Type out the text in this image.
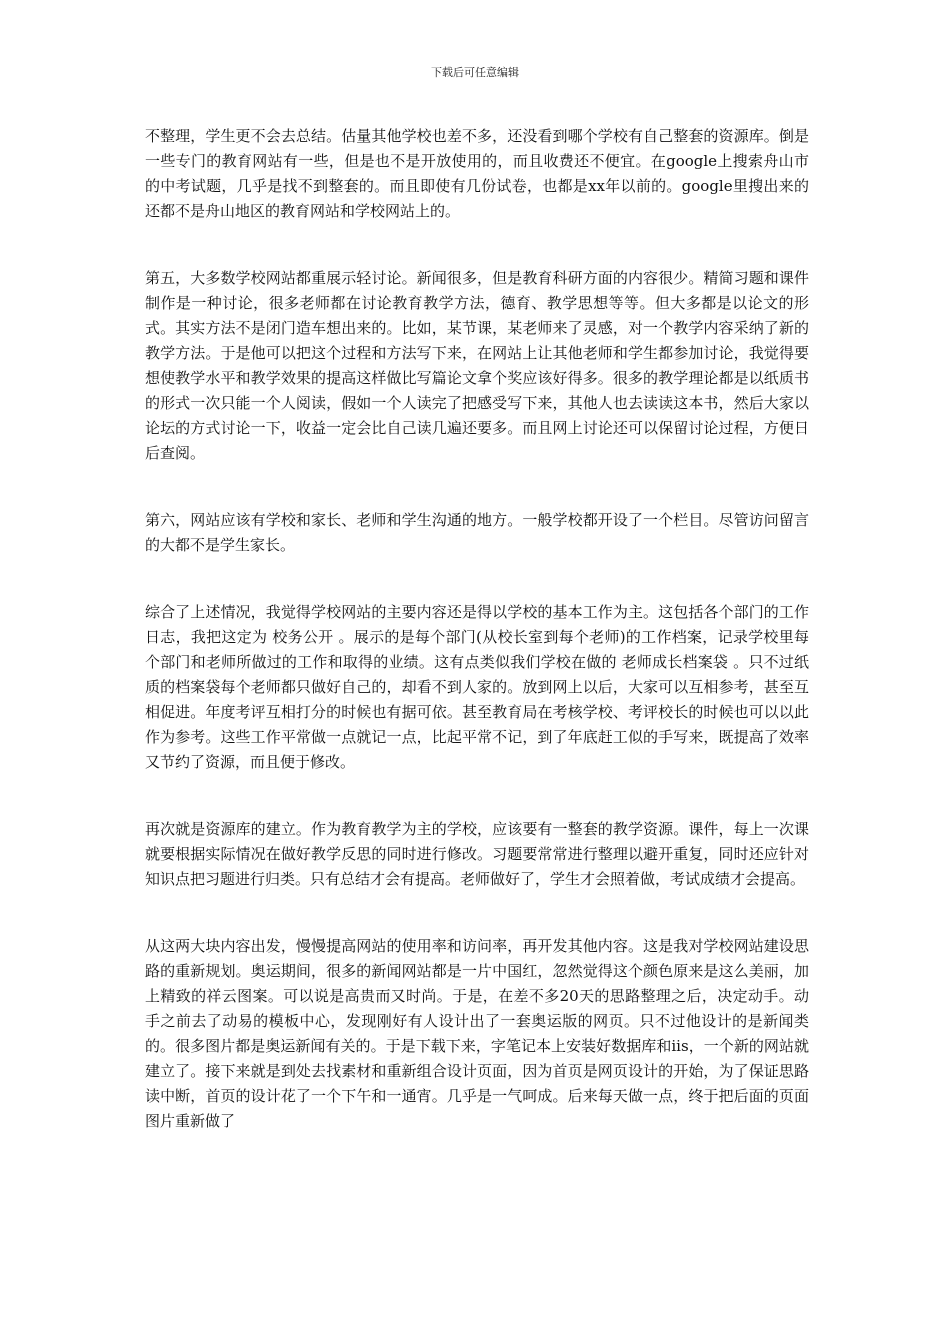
下载后可任意编辑

不整理，学生更不会去总结。估量其他学校也差不多，还没看到哪个学校有自己整套的资源库。倒是一些专门的教育网站有一些，但是也不是开放使用的，而且收费还不便宜。在google上搜索舟山市的中考试题，几乎是找不到整套的。而且即使有几份试卷，也都是xx年以前的。google里搜出来的还都不是舟山地区的教育网站和学校网站上的。

第五，大多数学校网站都重展示轻讨论。新闻很多，但是教育科研方面的内容很少。精简习题和课件制作是一种讨论，很多老师都在讨论教育教学方法，德育、教学思想等等。但大多都是以论文的形式。其实方法不是闭门造车想出来的。比如，某节课，某老师来了灵感，对一个教学内容采纳了新的教学方法。于是他可以把这个过程和方法写下来，在网站上让其他老师和学生都参加讨论，我觉得要想使教学水平和教学效果的提高这样做比写篇论文拿个奖应该好得多。很多的教学理论都是以纸质书的形式一次只能一个人阅读，假如一个人读完了把感受写下来，其他人也去读读这本书，然后大家以论坛的方式讨论一下，收益一定会比自己读几遍还要多。而且网上讨论还可以保留讨论过程，方便日后查阅。

第六，网站应该有学校和家长、老师和学生沟通的地方。一般学校都开设了一个栏目。尽管访问留言的大都不是学生家长。

综合了上述情况，我觉得学校网站的主要内容还是得以学校的基本工作为主。这包括各个部门的工作日志，我把这定为 校务公开 。展示的是每个部门(从校长室到每个老师)的工作档案，记录学校里每个部门和老师所做过的工作和取得的业绩。这有点类似我们学校在做的 老师成长档案袋 。只不过纸质的档案袋每个老师都只做好自己的，却看不到人家的。放到网上以后，大家可以互相参考，甚至互相促进。年度考评互相打分的时候也有据可依。甚至教育局在考核学校、考评校长的时候也可以以此作为参考。这些工作平常做一点就记一点，比起平常不记，到了年底赶工似的手写来，既提高了效率又节约了资源，而且便于修改。

再次就是资源库的建立。作为教育教学为主的学校，应该要有一整套的教学资源。课件，每上一次课就要根据实际情况在做好教学反思的同时进行修改。习题要常常进行整理以避开重复，同时还应针对知识点把习题进行归类。只有总结才会有提高。老师做好了，学生才会照着做，考试成绩才会提高。

从这两大块内容出发，慢慢提高网站的使用率和访问率，再开发其他内容。这是我对学校网站建设思路的重新规划。奥运期间，很多的新闻网站都是一片中国红，忽然觉得这个颜色原来是这么美丽，加上精致的祥云图案。可以说是高贵而又时尚。于是，在差不多20天的思路整理之后，决定动手。动手之前去了动易的模板中心，发现刚好有人设计出了一套奥运版的网页。只不过他设计的是新闻类的。很多图片都是奥运新闻有关的。于是下载下来，字笔记本上安装好数据库和iis，一个新的网站就建立了。接下来就是到处去找素材和重新组合设计页面，因为首页是网页设计的开始，为了保证思路读中断，首页的设计花了一个下午和一通宵。几乎是一气呵成。后来每天做一点，终于把后面的页面图片重新做了
